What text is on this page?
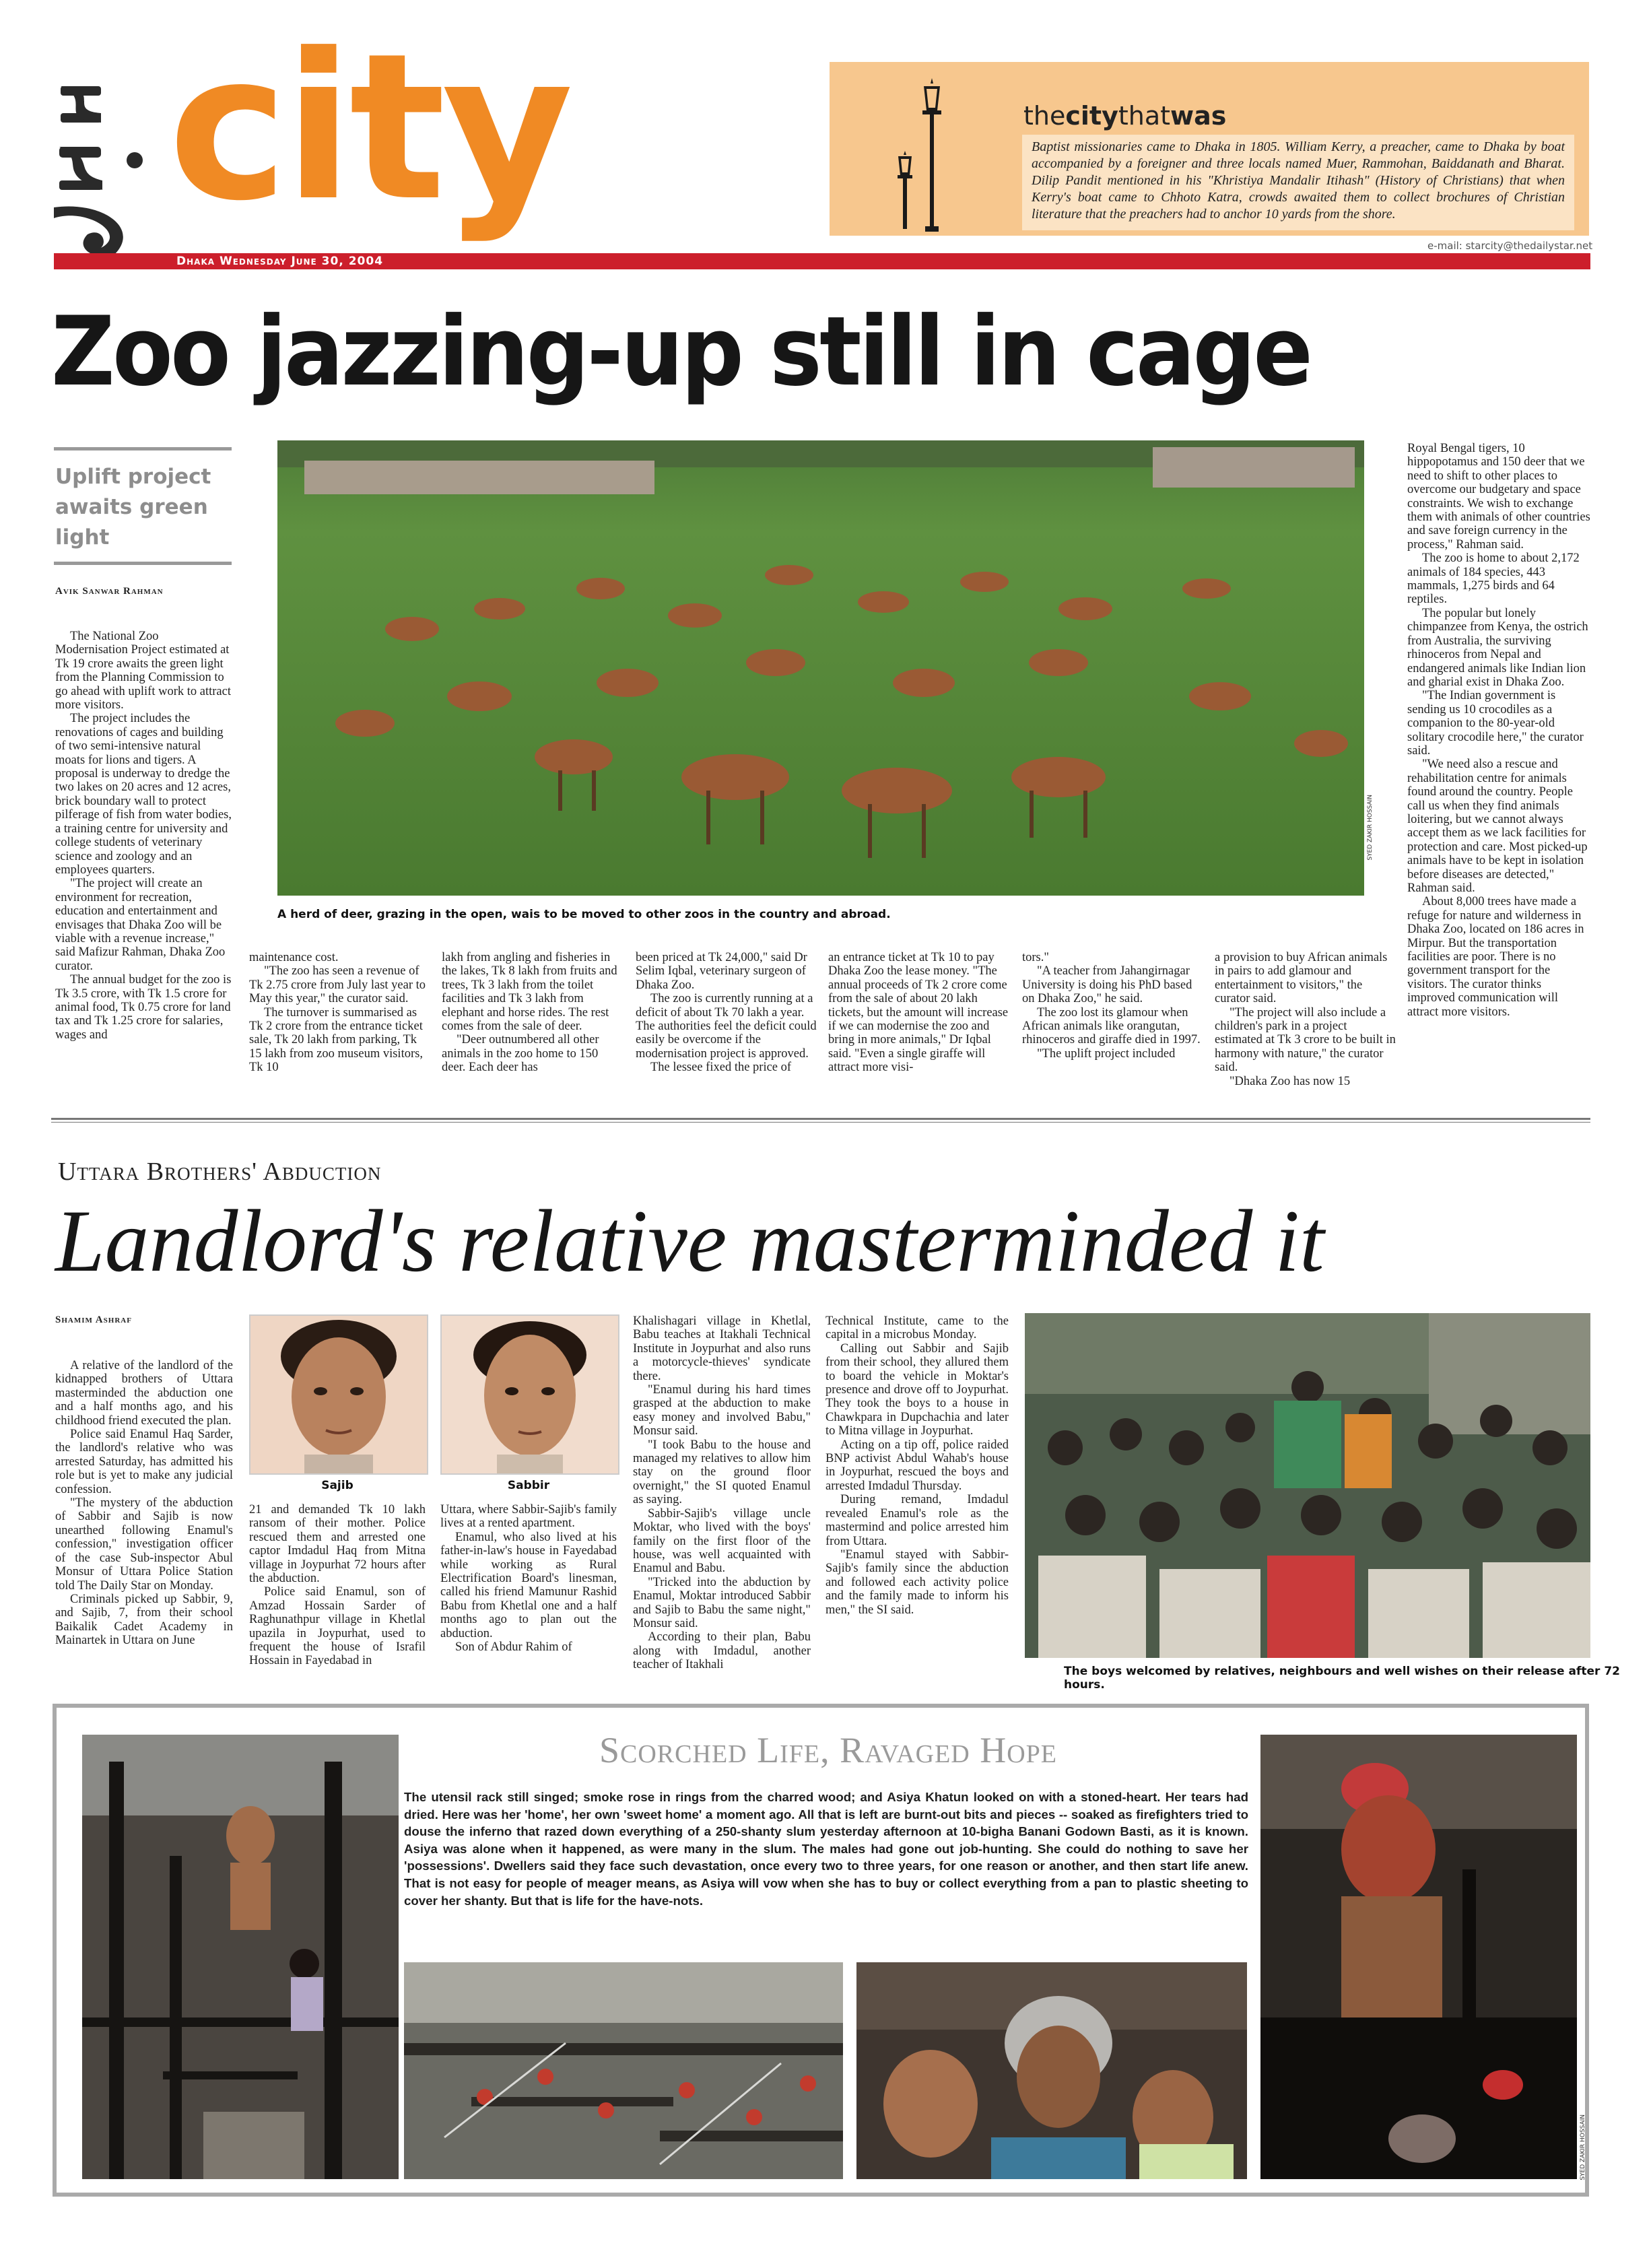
city	thecitythatwas
Baptist missionaries came to Dhaka in 1805. William Kerry, a preacher, came to Dhaka by boat accompanied by a foreigner and three locals named Muer, Rammohan, Baiddanath and Bharat. Dilip Pandit mentioned in his "Khristiya Mandalir Itihash" (History of Christians) that when Kerry's boat came to Chhoto Katra, crowds awaited them to collect brochures of Christian literature that the preachers had to anchor 10 yards from the shore.
e-mail: starcity@thedailystar.net
Dhaka Wednesday June 30, 2004
Zoo jazzing-up still in cage
Uplift project awaits green light
Avik Sanwar Rahman

The National Zoo Modernisation Project estimated at Tk 19 crore awaits the green light from the Planning Commission to go ahead with uplift work to attract more visitors.

The project includes the renovations of cages and building of two semi-intensive natural moats for lions and tigers. A proposal is underway to dredge the two lakes on 20 acres and 12 acres, brick boundary wall to protect pilferage of fish from water bodies, a training centre for university and college students of veterinary science and zoology and an employees quarters.

"The project will create an environment for recreation, education and entertainment and envisages that Dhaka Zoo will be viable with a revenue increase," said Mafizur Rahman, Dhaka Zoo curator.

The annual budget for the zoo is Tk 3.5 crore, with Tk 1.5 crore for animal food, Tk 0.75 crore for land tax and Tk 1.25 crore for salaries, wages and

SYED ZAKIR HOSSAIN
A herd of deer, grazing in the open, wais to be moved to other zoos in the country and abroad.

maintenance cost.

"The zoo has seen a revenue of Tk 2.75 crore from July last year to May this year," the curator said.

The turnover is summarised as Tk 2 crore from the entrance ticket sale, Tk 20 lakh from parking, Tk 15 lakh from zoo museum visitors, Tk 10

lakh from angling and fisheries in the lakes, Tk 8 lakh from fruits and trees, Tk 3 lakh from the toilet facilities and Tk 3 lakh from elephant and horse rides. The rest comes from the sale of deer.

"Deer outnumbered all other animals in the zoo home to 150 deer. Each deer has

been priced at Tk 24,000," said Dr Selim Iqbal, veterinary surgeon of Dhaka Zoo.

The zoo is currently running at a deficit of about Tk 70 lakh a year. The authorities feel the deficit could easily be overcome if the modernisation project is approved.

The lessee fixed the price of

an entrance ticket at Tk 10 to pay Dhaka Zoo the lease money. "The annual proceeds of Tk 2 crore come from the sale of about 20 lakh tickets, but the amount will increase if we can modernise the zoo and bring in more animals," Dr Iqbal said. "Even a single giraffe will attract more visi-

tors."

"A teacher from Jahangirnagar University is doing his PhD based on Dhaka Zoo," he said.

The zoo lost its glamour when African animals like orangutan, rhinoceros and giraffe died in 1997.

"The uplift project included

a provision to buy African animals in pairs to add glamour and entertainment to visitors," the curator said.

"The project will also include a children's park in a project estimated at Tk 3 crore to be built in harmony with nature," the curator said.

"Dhaka Zoo has now 15

Royal Bengal tigers, 10 hippopotamus and 150 deer that we need to shift to other places to overcome our budgetary and space constraints. We wish to exchange them with animals of other countries and save foreign currency in the process," Rahman said.

The zoo is home to about 2,172 animals of 184 species, 443 mammals, 1,275 birds and 64 reptiles.

The popular but lonely chimpanzee from Kenya, the ostrich from Australia, the surviving rhinoceros from Nepal and endangered animals like Indian lion and gharial exist in Dhaka Zoo.

"The Indian government is sending us 10 crocodiles as a companion to the 80-year-old solitary crocodile here," the curator said.

"We need also a rescue and rehabilitation centre for animals found around the country. People call us when they find animals loitering, but we cannot always accept them as we lack facilities for protection and care. Most picked-up animals have to be kept in isolation before diseases are detected," Rahman said.

About 8,000 trees have made a refuge for nature and wilderness in Dhaka Zoo, located on 186 acres in Mirpur. But the transportation facilities are poor. There is no government transport for the visitors. The curator thinks improved communication will attract more visitors.

Uttara Brothers' Abduction
Landlord's relative masterminded it
Shamim Ashraf

A relative of the landlord of the kidnapped brothers of Uttara masterminded the abduction one and a half months ago, and his childhood friend executed the plan.

Police said Enamul Haq Sarder, the landlord's relative who was arrested Saturday, has admitted his role but is yet to make any judicial confession.

"The mystery of the abduction of Sabbir and Sajib is now unearthed following Enamul's confession," investigation officer of the case Sub-inspector Abul Monsur of Uttara Police Station told The Daily Star on Monday.

Criminals picked up Sabbir, 9, and Sajib, 7, from their school Baikalik Cadet Academy in Mainartek in Uttara on June

Sajib	Sabbir

21 and demanded Tk 10 lakh ransom of their mother. Police rescued them and arrested one captor Imdadul Haq from Mitna village in Joypurhat 72 hours after the abduction.

Police said Enamul, son of Amzad Hossain Sarder of Raghunathpur village in Khetlal upazila in Joypurhat, used to frequent the house of Israfil Hossain in Fayedabad in

Uttara, where Sabbir-Sajib's family lives at a rented apartment.

Enamul, who also lived at his father-in-law's house in Fayedabad while working as Rural Electrification Board's linesman, called his friend Mamunur Rashid Babu from Khetlal one and a half months ago to plan out the abduction.

Son of Abdur Rahim of

Khalishagari village in Khetlal, Babu teaches at Itakhali Technical Institute in Joypurhat and also runs a motorcycle-thieves' syndicate there.

"Enamul during his hard times grasped at the abduction to make easy money and involved Babu," Monsur said.

"I took Babu to the house and managed my relatives to allow him stay on the ground floor overnight," the SI quoted Enamul as saying.

Sabbir-Sajib's village uncle Moktar, who lived with the boys' family on the first floor of the house, was well acquainted with Enamul and Babu.

"Tricked into the abduction by Enamul, Moktar introduced Sabbir and Sajib to Babu the same night," Monsur said.

According to their plan, Babu along with Imdadul, another teacher of Itakhali

Technical Institute, came to the capital in a microbus Monday.

Calling out Sabbir and Sajib from their school, they allured them to board the vehicle in Moktar's presence and drove off to Joypurhat. They took the boys to a house in Chawkpara in Dupchachia and later to Mitna village in Joypurhat.

Acting on a tip off, police raided BNP activist Abdul Wahab's house in Joypurhat, rescued the boys and arrested Imdadul Thursday.

During remand, Imdadul revealed Enamul's role as the mastermind and police arrested him from Uttara.

"Enamul stayed with Sabbir-Sajib's family since the abduction and followed each activity police and the family made to inform his men," the SI said.

The boys welcomed by relatives, neighbours and well wishes on their release after 72 hours.
SYED ZAKIR HOSSAIN
Scorched Life, Ravaged Hope
The utensil rack still singed; smoke rose in rings from the charred wood; and Asiya Khatun looked on with a stoned-heart. Her tears had dried. Here was her 'home', her own 'sweet home' a moment ago. All that is left are burnt-out bits and pieces -- soaked as firefighters tried to douse the inferno that razed down everything of a 250-shanty slum yesterday afternoon at 10-bigha Banani Godown Basti, as it is known. Asiya was alone when it happened, as were many in the slum. The males had gone out job-hunting. She could do nothing to save her 'possessions'. Dwellers said they face such devastation, once every two to three years, for one reason or another, and then start life anew. That is not easy for people of meager means, as Asiya will vow when she has to buy or collect everything from a pan to plastic sheeting to cover her shanty. But that is life for the have-nots.
